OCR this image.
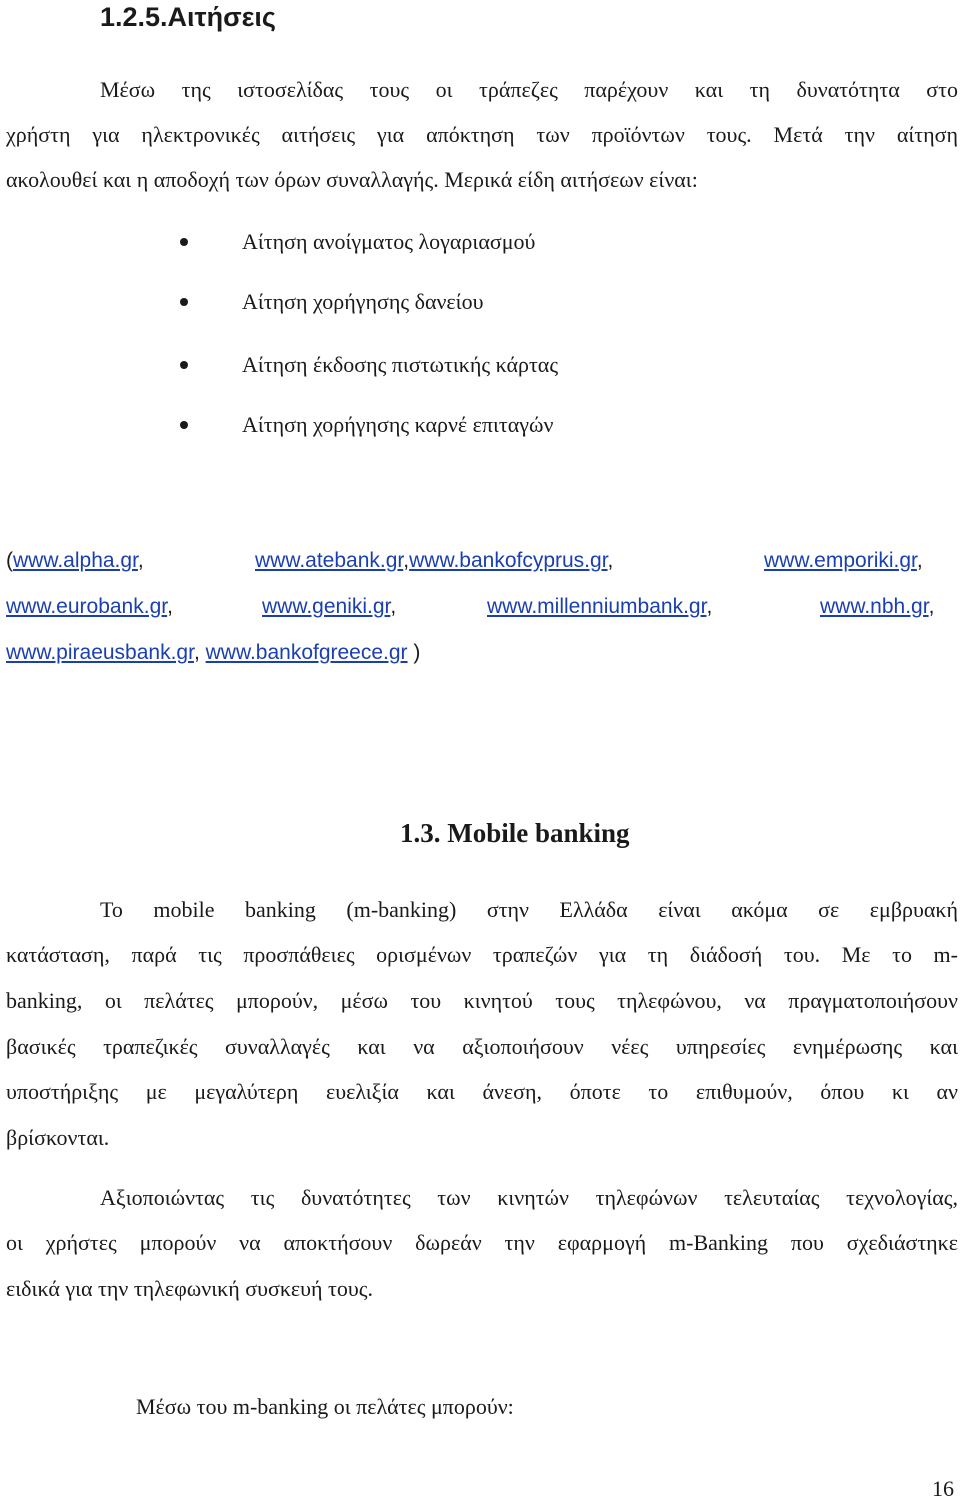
1.2.5.Αιτήσεις
Μέσω της ιστοσελίδας τους οι τράπεζες παρέχουν και τη δυνατότητα στο
χρήστη για ηλεκτρονικές αιτήσεις για απόκτηση των προϊόντων τους. Μετά την αίτηση
ακολουθεί και η αποδοχή των όρων συναλλαγής. Μερικά είδη αιτήσεων είναι:
Αίτηση ανοίγματος λογαριασμού
Αίτηση χορήγησης δανείου
Αίτηση έκδοσης πιστωτικής κάρτας
Αίτηση χορήγησης καρνέ επιταγών
(www.alpha.gr,	www.atebank.gr,www.bankofcyprus.gr,	www.emporiki.gr,
www.eurobank.gr,	www.geniki.gr,	www.millenniumbank.gr,	www.nbh.gr,
www.piraeusbank.gr, www.bankofgreece.gr )
1.3. Mobile banking
Το mobile banking (m-banking) στην Ελλάδα είναι ακόμα σε εμβρυακή
κατάσταση, παρά τις προσπάθειες ορισμένων τραπεζών για τη διάδοσή του. Με το m-
banking, οι πελάτες μπορούν, μέσω του κινητού τους τηλεφώνου, να πραγματοποιήσουν
βασικές τραπεζικές συναλλαγές και να αξιοποιήσουν νέες υπηρεσίες ενημέρωσης και
υποστήριξης με μεγαλύτερη ευελιξία και άνεση, όποτε το επιθυμούν, όπου κι αν
βρίσκονται.
Αξιοποιώντας τις δυνατότητες των κινητών τηλεφώνων τελευταίας τεχνολογίας,
οι χρήστες μπορούν να αποκτήσουν δωρεάν την εφαρμογή m-Banking που σχεδιάστηκε
ειδικά για την τηλεφωνική συσκευή τους.
Μέσω του m-banking οι πελάτες μπορούν:
16
